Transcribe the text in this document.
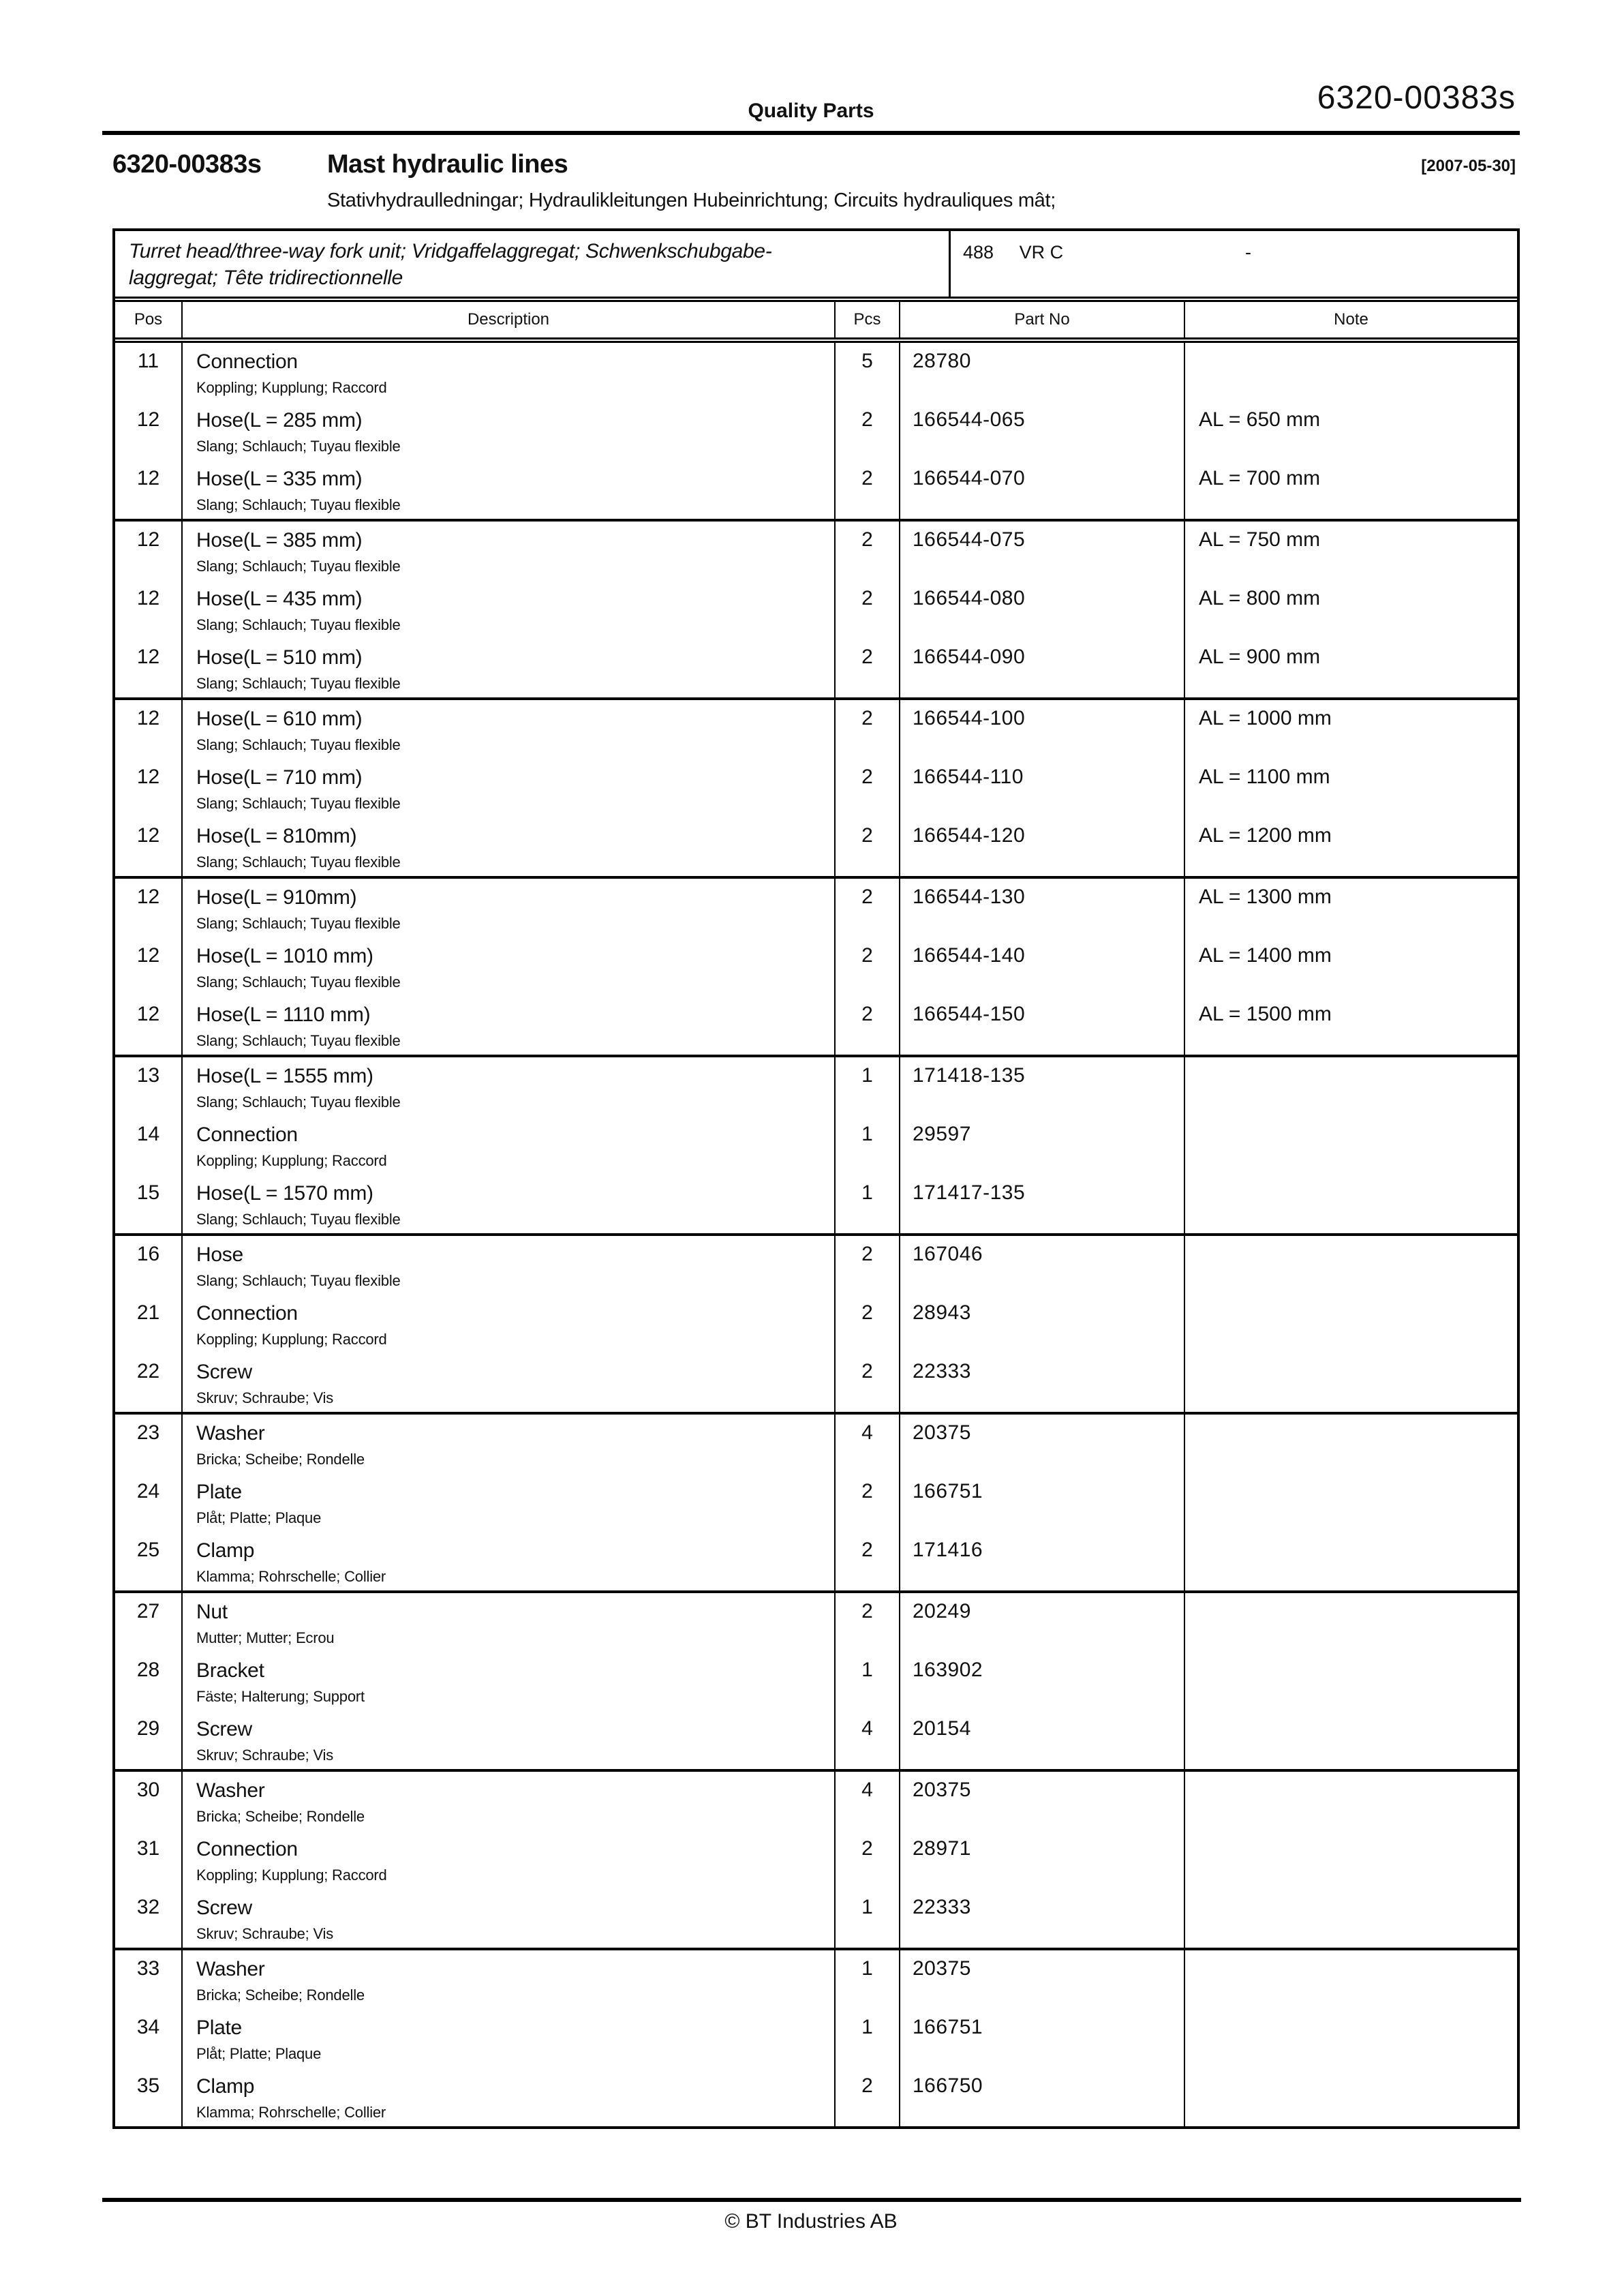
6320-00383s
Quality Parts
6320-00383s	Mast hydraulic lines	[2007-05-30]
Stativhydraulledningar; Hydraulikleitungen Hubeinrichtung; Circuits hydrauliques mât;
Turret head/three-way fork unit; Vridgaffelaggregat; Schwenkschubgabe-
laggregat; Tête tridirectionnelle
488 VR C	-
Pos	Description	Pcs	Part No	Note
11	Connection
Koppling; Kupplung; Raccord
5	28780
12	Hose(L = 285 mm)
Slang; Schlauch; Tuyau flexible
2	166544-065	AL = 650 mm
12	Hose(L = 335 mm)
Slang; Schlauch; Tuyau flexible
2	166544-070	AL = 700 mm
12	Hose(L = 385 mm)
Slang; Schlauch; Tuyau flexible
2	166544-075	AL = 750 mm
12	Hose(L = 435 mm)
Slang; Schlauch; Tuyau flexible
2	166544-080	AL = 800 mm
12	Hose(L = 510 mm)
Slang; Schlauch; Tuyau flexible
2	166544-090	AL = 900 mm
12	Hose(L = 610 mm)
Slang; Schlauch; Tuyau flexible
2	166544-100	AL = 1000 mm
12	Hose(L = 710 mm)
Slang; Schlauch; Tuyau flexible
2	166544-110	AL = 1100 mm
12	Hose(L = 810mm)
Slang; Schlauch; Tuyau flexible
2	166544-120	AL = 1200 mm
12	Hose(L = 910mm)
Slang; Schlauch; Tuyau flexible
2	166544-130	AL = 1300 mm
12	Hose(L = 1010 mm)
Slang; Schlauch; Tuyau flexible
2	166544-140	AL = 1400 mm
12	Hose(L = 1110 mm)
Slang; Schlauch; Tuyau flexible
2	166544-150	AL = 1500 mm
13	Hose(L = 1555 mm)
Slang; Schlauch; Tuyau flexible
1	171418-135
14	Connection
Koppling; Kupplung; Raccord
1	29597
15	Hose(L = 1570 mm)
Slang; Schlauch; Tuyau flexible
1	171417-135
16	Hose
Slang; Schlauch; Tuyau flexible
2	167046
21	Connection
Koppling; Kupplung; Raccord
2	28943
22	Screw
Skruv; Schraube; Vis
2	22333
23	Washer
Bricka; Scheibe; Rondelle
4	20375
24	Plate
Plåt; Platte; Plaque
2	166751
25	Clamp
Klamma; Rohrschelle; Collier
2	171416
27	Nut
Mutter; Mutter; Ecrou
2	20249
28	Bracket
Fäste; Halterung; Support
1	163902
29	Screw
Skruv; Schraube; Vis
4	20154
30	Washer
Bricka; Scheibe; Rondelle
4	20375
31	Connection
Koppling; Kupplung; Raccord
2	28971
32	Screw
Skruv; Schraube; Vis
1	22333
33	Washer
Bricka; Scheibe; Rondelle
1	20375
34	Plate
Plåt; Platte; Plaque
1	166751
35	Clamp
Klamma; Rohrschelle; Collier
2	166750
© BT Industries AB
